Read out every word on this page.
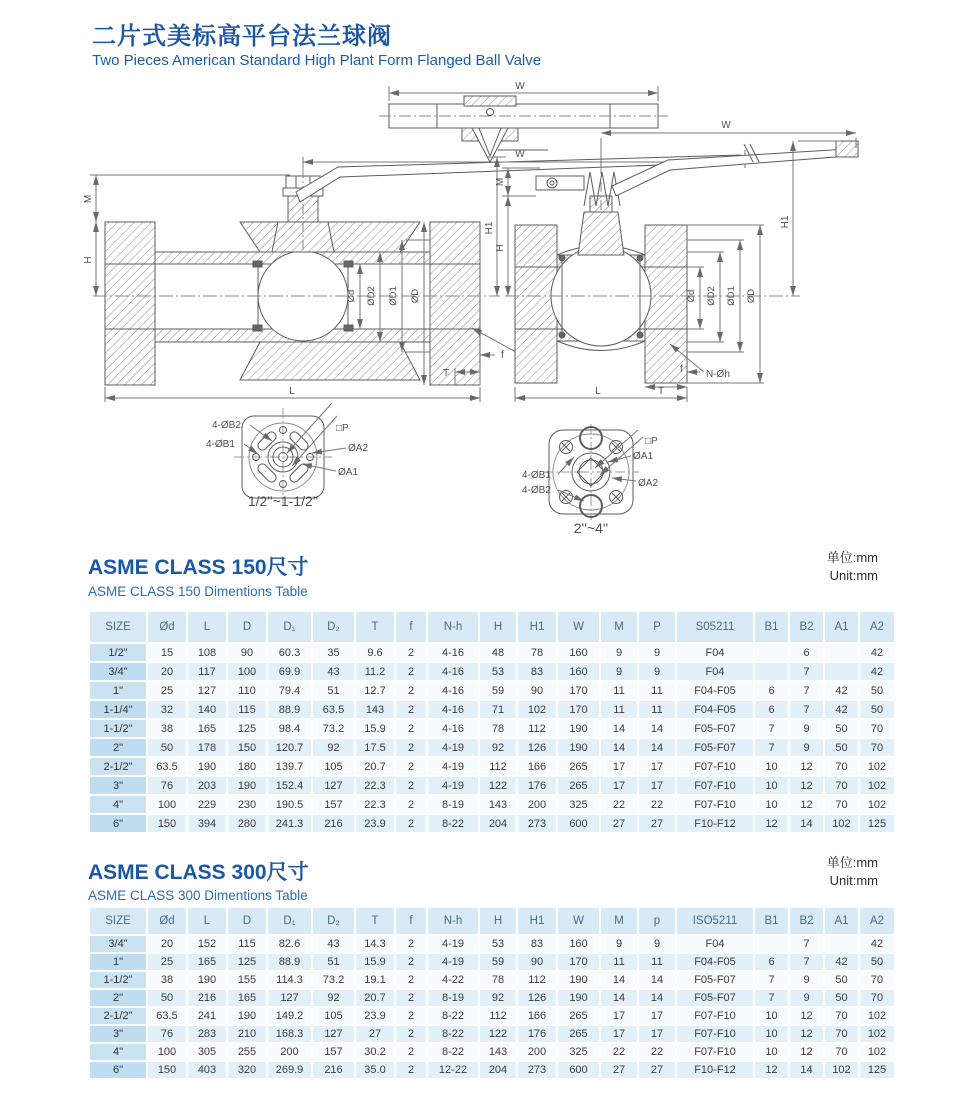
二片式美标高平台法兰球阀
Two Pieces American Standard High Plant Form Flanged Ball Valve
W
W
M
H
H1
Ød ØD2 ØD1 ØD
L
T
f
W
M
H
H1
Ød ØD2 ØD1 ØD
L	T
f N-Øh
4-ØB2
4-ØB1
□P
ØA2
ØA1
1/2''~1-1/2''
□P
ØA1
ØA2
4-ØB1
4-ØB2
2''~4''
ASME CLASS 150尺寸
ASME CLASS 150 Dimentions Table
单位:mm
Unit:mm
SIZE	Ød	L	D	D₁	D₂	T	f	N-h	H	H1	W	M	P	S05211	B1	B2	A1	A2
1/2"	15	108	90	60.3	35	9.6	2	4-16	48	78	160	9	9	F04		6		42
3/4"	20	117	100	69.9	43	11.2	2	4-16	53	83	160	9	9	F04		7		42
1"	25	127	110	79.4	51	12.7	2	4-16	59	90	170	11	11	F04-F05	6	7	42	50
1-1/4"	32	140	115	88.9	63.5	143	2	4-16	71	102	170	11	11	F04-F05	6	7	42	50
1-1/2"	38	165	125	98.4	73.2	15.9	2	4-16	78	112	190	14	14	F05-F07	7	9	50	70
2"	50	178	150	120.7	92	17.5	2	4-19	92	126	190	14	14	F05-F07	7	9	50	70
2-1/2"	63.5	190	180	139.7	105	20.7	2	4-19	112	166	265	17	17	F07-F10	10	12	70	102
3"	76	203	190	152.4	127	22.3	2	4-19	122	176	265	17	17	F07-F10	10	12	70	102
4"	100	229	230	190.5	157	22.3	2	8-19	143	200	325	22	22	F07-F10	10	12	70	102
6"	150	394	280	241.3	216	23.9	2	8-22	204	273	600	27	27	F10-F12	12	14	102	125
ASME CLASS 300尺寸
ASME CLASS 300 Dimentions Table
单位:mm
Unit:mm
SIZE	Ød	L	D	D₁	D₂	T	f	N-h	H	H1	W	M	p	ISO5211	B1	B2	A1	A2
3/4"	20	152	115	82.6	43	14.3	2	4-19	53	83	160	9	9	F04		7		42
1"	25	165	125	88.9	51	15.9	2	4-19	59	90	170	11	11	F04-F05	6	7	42	50
1-1/2"	38	190	155	114.3	73.2	19.1	2	4-22	78	112	190	14	14	F05-F07	7	9	50	70
2"	50	216	165	127	92	20.7	2	8-19	92	126	190	14	14	F05-F07	7	9	50	70
2-1/2"	63.5	241	190	149.2	105	23.9	2	8-22	112	166	265	17	17	F07-F10	10	12	70	102
3"	76	283	210	168.3	127	27	2	8-22	122	176	265	17	17	F07-F10	10	12	70	102
4"	100	305	255	200	157	30.2	2	8-22	143	200	325	22	22	F07-F10	10	12	70	102
6"	150	403	320	269.9	216	35.0	2	12-22	204	273	600	27	27	F10-F12	12	14	102	125
